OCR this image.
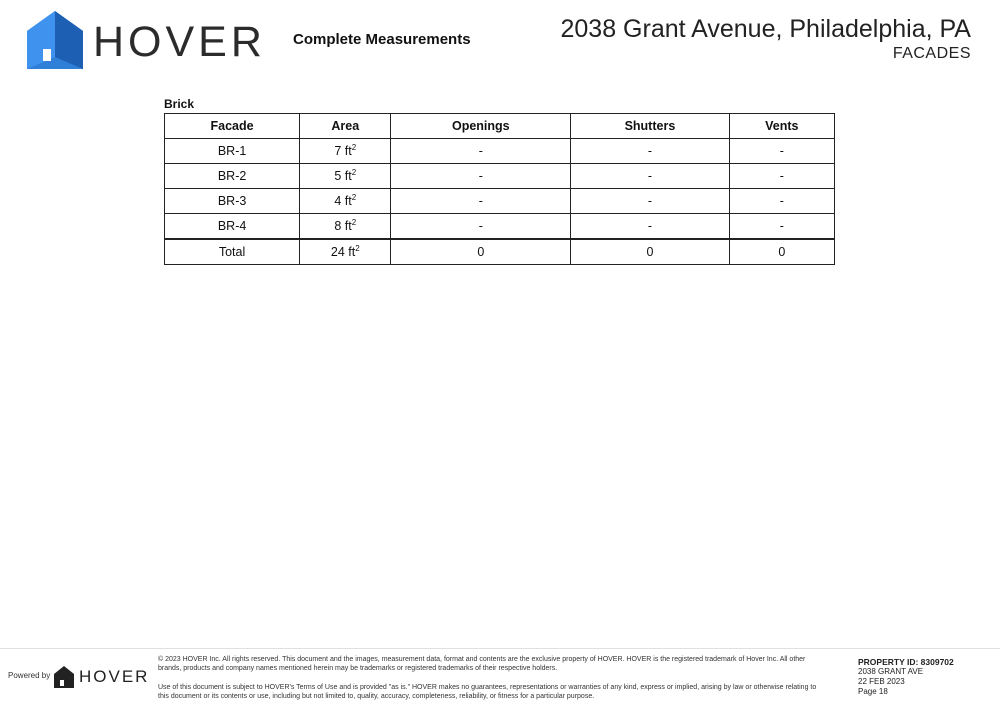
HOVER Complete Measurements	2038 Grant Avenue, Philadelphia, PA
FACADES
Brick
Facade	Area	Openings	Shutters	Vents
BR-1	7 $ft^2$	-	-	-
BR-2	5 $ft^2$	-	-	-
BR-3	4 $ft^2$	-	-	-
BR-4	8 $ft^2$	-	-	-
Total	24 $ft^2$	0	0	0
Powered by HOVER
© 2023 HOVER Inc. All rights reserved. This document and the images, measurement data, format and contents are the exclusive property of HOVER. HOVER is the registered trademark of Hover Inc. All other brands, products and company names mentioned herein may be trademarks or registered trademarks of their respective holders.
Use of this document is subject to HOVER's Terms of Use and is provided "as is." HOVER makes no guarantees, representations or warranties of any kind, express or implied, arising by law or otherwise relating to this document or its contents or use, including but not limited to, quality, accuracy, completeness, reliability, or fitness for a particular purpose.
PROPERTY ID: 8309702
2038 GRANT AVE
22 FEB 2023
Page 18
